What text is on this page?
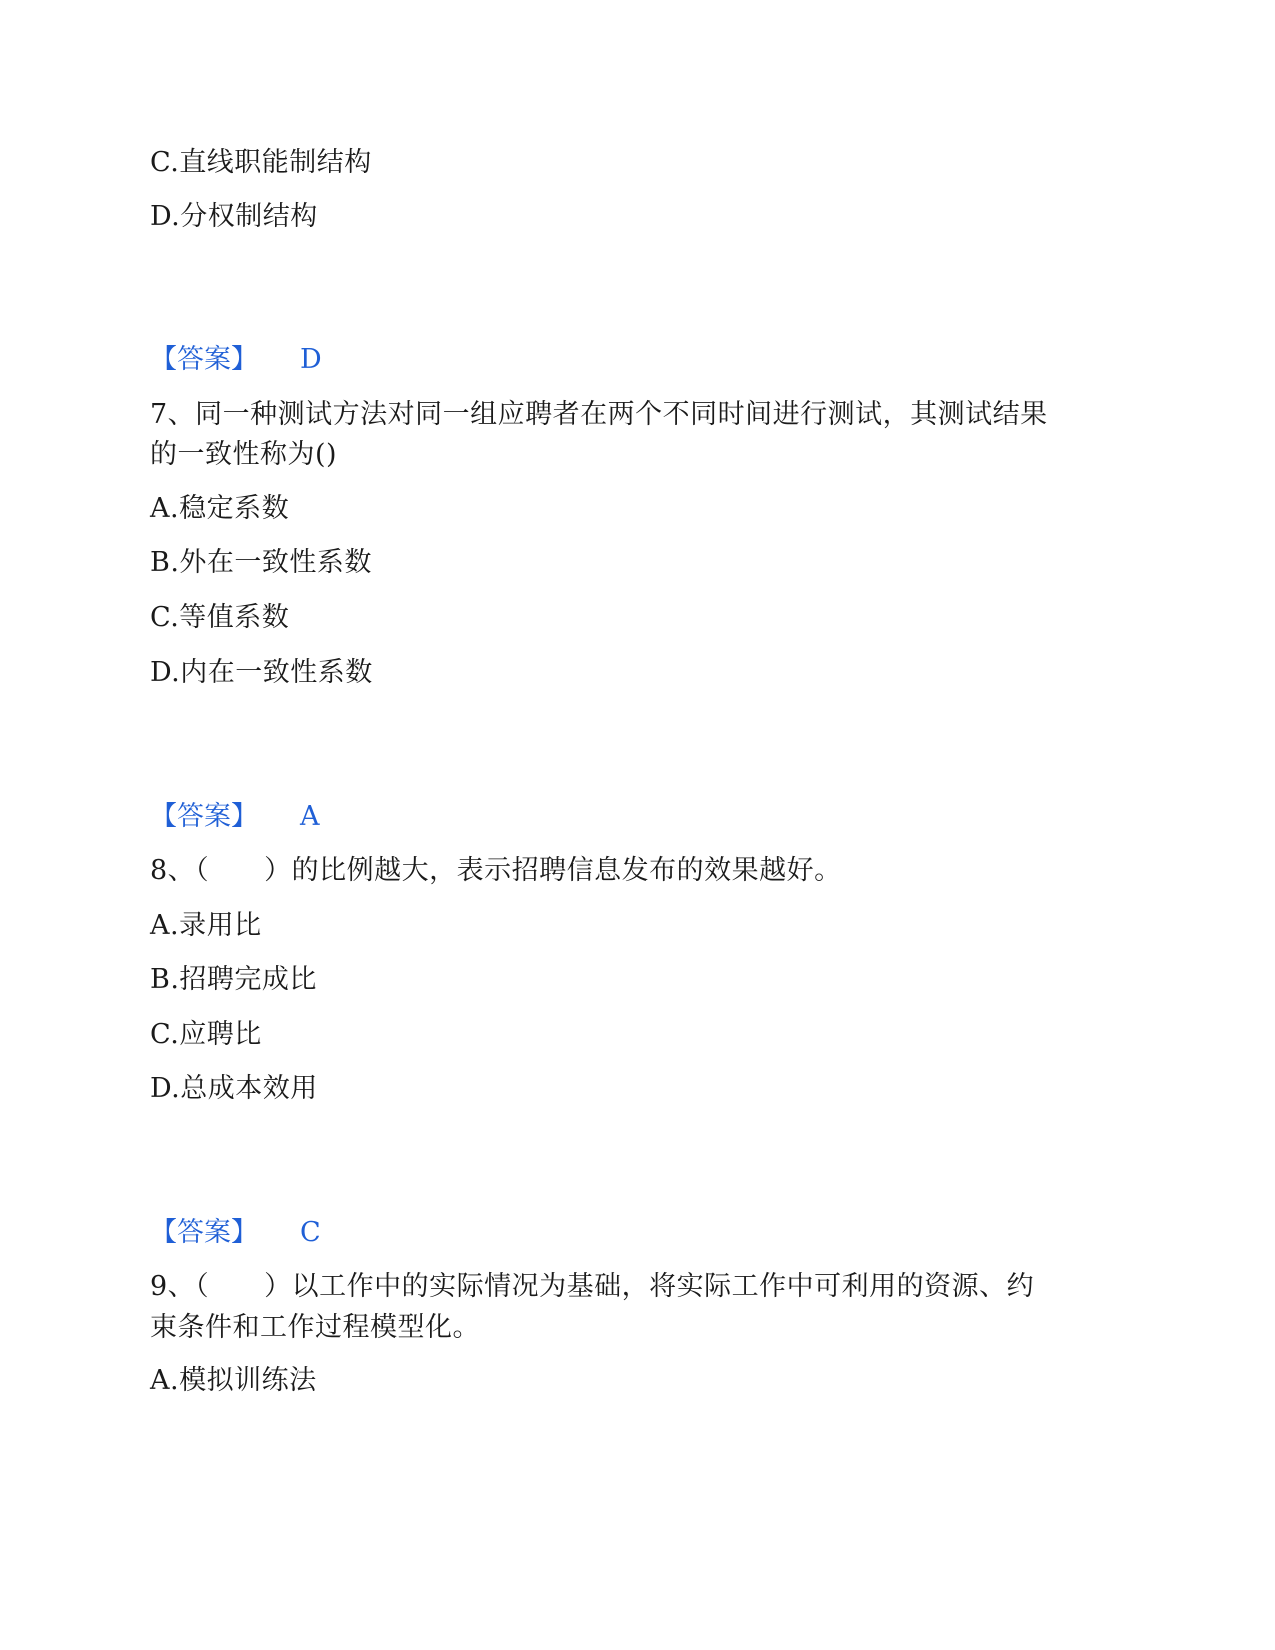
C.直线职能制结构
D.分权制结构
【答案】 D
7、同一种测试方法对同一组应聘者在两个不同时间进行测试，其测试结果
的一致性称为()
A.稳定系数
B.外在一致性系数
C.等值系数
D.内在一致性系数
【答案】 A
8、（　　）的比例越大，表示招聘信息发布的效果越好。
A.录用比
B.招聘完成比
C.应聘比
D.总成本效用
【答案】 C
9、（　　）以工作中的实际情况为基础，将实际工作中可利用的资源、约
束条件和工作过程模型化。
A.模拟训练法
